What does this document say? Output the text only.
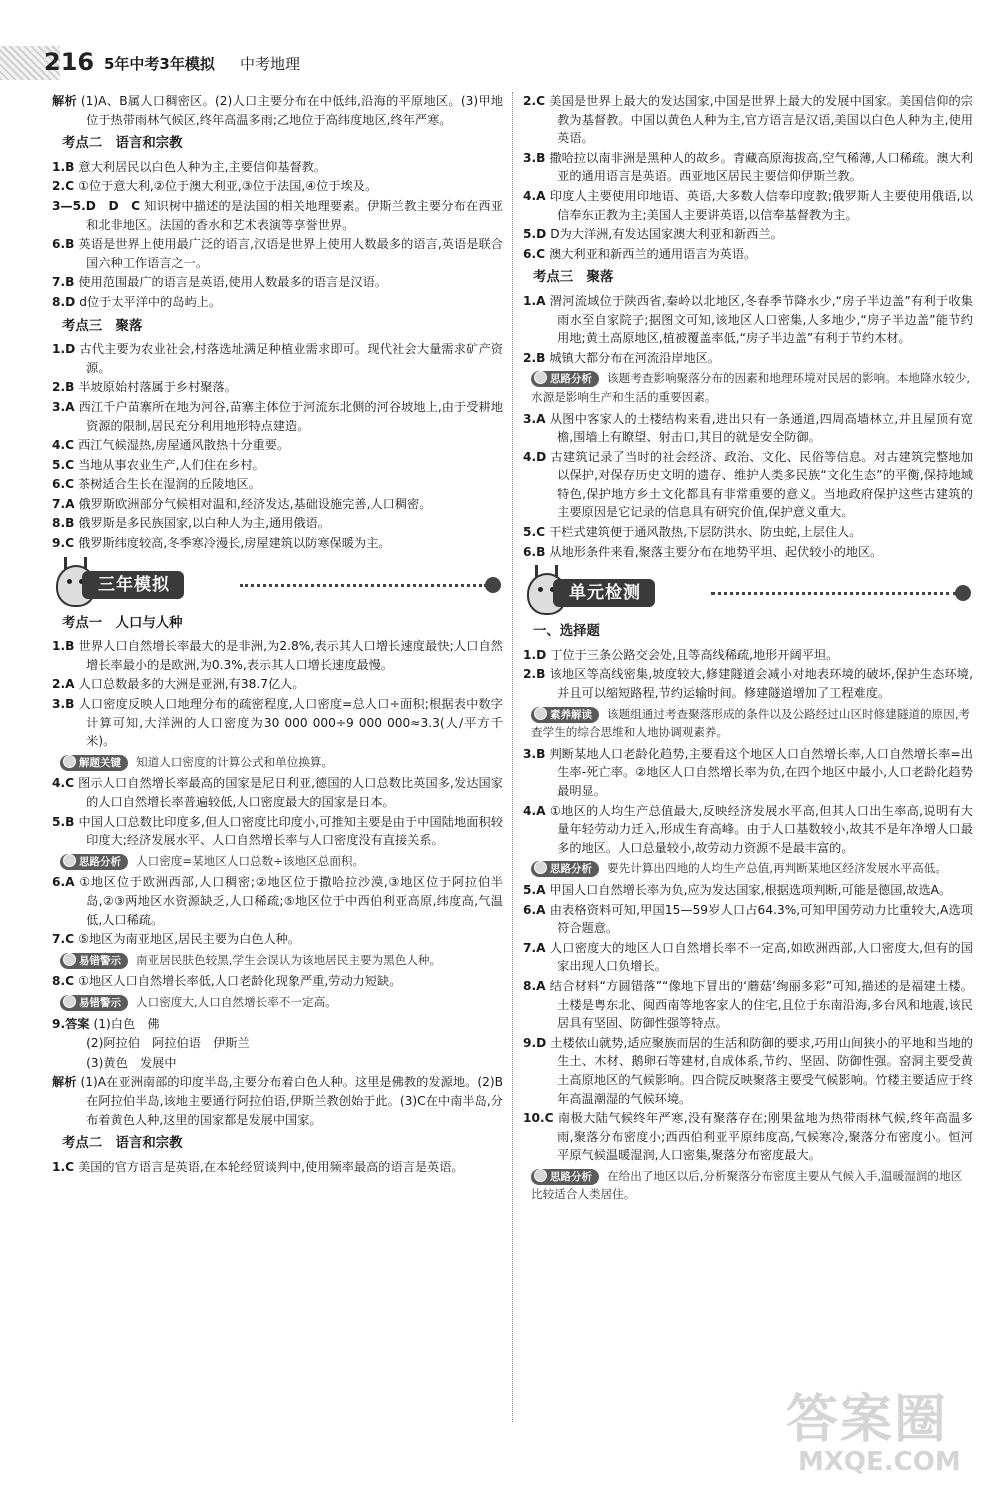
216 5年中考3年模拟 中考地理

解析 (1)A、B属人口稠密区。(2)人口主要分布在中低纬,沿海的平原地区。(3)甲地位于热带雨林气候区,终年高温多雨;乙地位于高纬度地区,终年严寒。

考点二　语言和宗教

1.B 意大利居民以白色人种为主,主要信仰基督教。

2.C ①位于意大利,②位于澳大利亚,③位于法国,④位于埃及。

3—5.D　D　C 知识树中描述的是法国的相关地理要素。伊斯兰教主要分布在西亚和北非地区。法国的香水和艺术表演等享誉世界。

6.B 英语是世界上使用最广泛的语言,汉语是世界上使用人数最多的语言,英语是联合国六种工作语言之一。

7.B 使用范围最广的语言是英语,使用人数最多的语言是汉语。

8.D d位于太平洋中的岛屿上。

考点三　聚落

1.D 古代主要为农业社会,村落选址满足种植业需求即可。现代社会大量需求矿产资源。

2.B 半坡原始村落属于乡村聚落。

3.A 西江千户苗寨所在地为河谷,苗寨主体位于河流东北侧的河谷坡地上,由于受耕地资源的限制,居民充分利用地形特点建造。

4.C 西江气候湿热,房屋通风散热十分重要。

5.C 当地从事农业生产,人们住在乡村。

6.C 茶树适合生长在湿润的丘陵地区。

7.A 俄罗斯欧洲部分气候相对温和,经济发达,基础设施完善,人口稠密。

8.B 俄罗斯是多民族国家,以白种人为主,通用俄语。

9.C 俄罗斯纬度较高,冬季寒冷漫长,房屋建筑以防寒保暖为主。

三年模拟
考点一　人口与人种

1.B 世界人口自然增长率最大的是非洲,为2.8%,表示其人口增长速度最快;人口自然增长率最小的是欧洲,为0.3%,表示其人口增长速度最慢。

2.A 人口总数最多的大洲是亚洲,有38.7亿人。

3.B 人口密度反映人口地理分布的疏密程度,人口密度=总人口÷面积;根据表中数字计算可知,大洋洲的人口密度为30 000 000÷9 000 000≈3.3(人/平方千米)。

解题关键 知道人口密度的计算公式和单位换算。

4.C 图示人口自然增长率最高的国家是尼日利亚,德国的人口总数比英国多,发达国家的人口自然增长率普遍较低,人口密度最大的国家是日本。

5.B 中国人口总数比印度多,但人口密度比印度小,可推知主要是由于中国陆地面积较印度大;经济发展水平、人口自然增长率与人口密度没有直接关系。

思路分析 人口密度=某地区人口总数÷该地区总面积。

6.A ①地区位于欧洲西部,人口稠密;②地区位于撒哈拉沙漠,③地区位于阿拉伯半岛,②③两地区水资源缺乏,人口稀疏;⑤地区位于中西伯利亚高原,纬度高,气温低,人口稀疏。

7.C ⑤地区为南亚地区,居民主要为白色人种。

易错警示 南亚居民肤色较黑,学生会误认为该地居民主要为黑色人种。

8.C ①地区人口自然增长率低,人口老龄化现象严重,劳动力短缺。

易错警示 人口密度大,人口自然增长率不一定高。

9.答案 (1)白色　佛

(2)阿拉伯　阿拉伯语　伊斯兰

(3)黄色　发展中

解析 (1)A在亚洲南部的印度半岛,主要分布着白色人种。这里是佛教的发源地。(2)B在阿拉伯半岛,该地主要通行阿拉伯语,伊斯兰教创始于此。(3)C在中南半岛,分布着黄色人种,这里的国家都是发展中国家。

考点二　语言和宗教

1.C 美国的官方语言是英语,在本轮经贸谈判中,使用频率最高的语言是英语。

2.C 美国是世界上最大的发达国家,中国是世界上最大的发展中国家。美国信仰的宗教为基督教。中国以黄色人种为主,官方语言是汉语,美国以白色人种为主,使用英语。

3.B 撒哈拉以南非洲是黑种人的故乡。青藏高原海拔高,空气稀薄,人口稀疏。澳大利亚的通用语言是英语。西亚地区居民主要信仰伊斯兰教。

4.A 印度人主要使用印地语、英语,大多数人信奉印度教;俄罗斯人主要使用俄语,以信奉东正教为主;美国人主要讲英语,以信奉基督教为主。

5.D D为大洋洲,有发达国家澳大利亚和新西兰。

6.C 澳大利亚和新西兰的通用语言为英语。

考点三　聚落

1.A 渭河流域位于陕西省,秦岭以北地区,冬春季节降水少,“房子半边盖”有利于收集雨水至自家院子;据图文可知,该地区人口密集,人多地少,“房子半边盖”能节约用地;黄土高原地区,植被覆盖率低,“房子半边盖”有利于节约木材。

2.B 城镇大都分布在河流沿岸地区。

思路分析 该题考查影响聚落分布的因素和地理环境对民居的影响。本地降水较少,水源是影响生产和生活的重要因素。

3.A 从图中客家人的土楼结构来看,进出只有一条通道,四周高墙林立,并且屋顶有宽檐,围墙上有瞭望、射击口,其目的就是安全防御。

4.D 古建筑记录了当时的社会经济、政治、文化、民俗等信息。对古建筑完整地加以保护,对保存历史文明的遗存、维护人类多民族“文化生态”的平衡,保持地域特色,保护地方乡土文化都具有非常重要的意义。当地政府保护这些古建筑的主要原因是它记录的信息具有研究价值,保护意义重大。

5.C 干栏式建筑便于通风散热,下层防洪水、防虫蛇,上层住人。

6.B 从地形条件来看,聚落主要分布在地势平坦、起伏较小的地区。

单元检测
一、选择题

1.D 丁位于三条公路交会处,且等高线稀疏,地形开阔平坦。

2.B 该地区等高线密集,坡度较大,修建隧道会减小对地表环境的破坏,保护生态环境,并且可以缩短路程,节约运输时间。修建隧道增加了工程难度。

素养解读 该题组通过考查聚落形成的条件以及公路经过山区时修建隧道的原因,考查学生的综合思维和人地协调观素养。

3.B 判断某地人口老龄化趋势,主要看这个地区人口自然增长率,人口自然增长率=出生率-死亡率。②地区人口自然增长率为负,在四个地区中最小,人口老龄化趋势最明显。

4.A ①地区的人均生产总值最大,反映经济发展水平高,但其人口出生率高,说明有大量年轻劳动力迁入,形成生育高峰。由于人口基数较小,故其不是年净增人口最多的地区。人口总量较小,故劳动力资源不是最丰富的。

思路分析 要先计算出四地的人均生产总值,再判断某地区经济发展水平高低。

5.A 甲国人口自然增长率为负,应为发达国家,根据选项判断,可能是德国,故选A。

6.A 由表格资料可知,甲国15—59岁人口占64.3%,可知甲国劳动力比重较大,A选项符合题意。

7.A 人口密度大的地区人口自然增长率不一定高,如欧洲西部,人口密度大,但有的国家出现人口负增长。

8.A 结合材料“方圆错落”“像地下冒出的‘蘑菇’绚丽多彩”可知,描述的是福建土楼。土楼是粤东北、闽西南等地客家人的住宅,且位于东南沿海,多台风和地震,该民居具有坚固、防御性强等特点。

9.D 土楼依山就势,适应聚族而居的生活和防御的要求,巧用山间狭小的平地和当地的生土、木材、鹅卵石等建材,自成体系,节约、坚固、防御性强。窑洞主要受黄土高原地区的气候影响。四合院反映聚落主要受气候影响。竹楼主要适应于终年高温潮湿的气候环境。

10.C 南极大陆气候终年严寒,没有聚落存在;刚果盆地为热带雨林气候,终年高温多雨,聚落分布密度小;西西伯利亚平原纬度高,气候寒冷,聚落分布密度小。恒河平原气候温暖湿润,人口密集,聚落分布密度最大。

思路分析 在给出了地区以后,分析聚落分布密度主要从气候入手,温暖湿润的地区比较适合人类居住。
答案圈
MXQE.COM
